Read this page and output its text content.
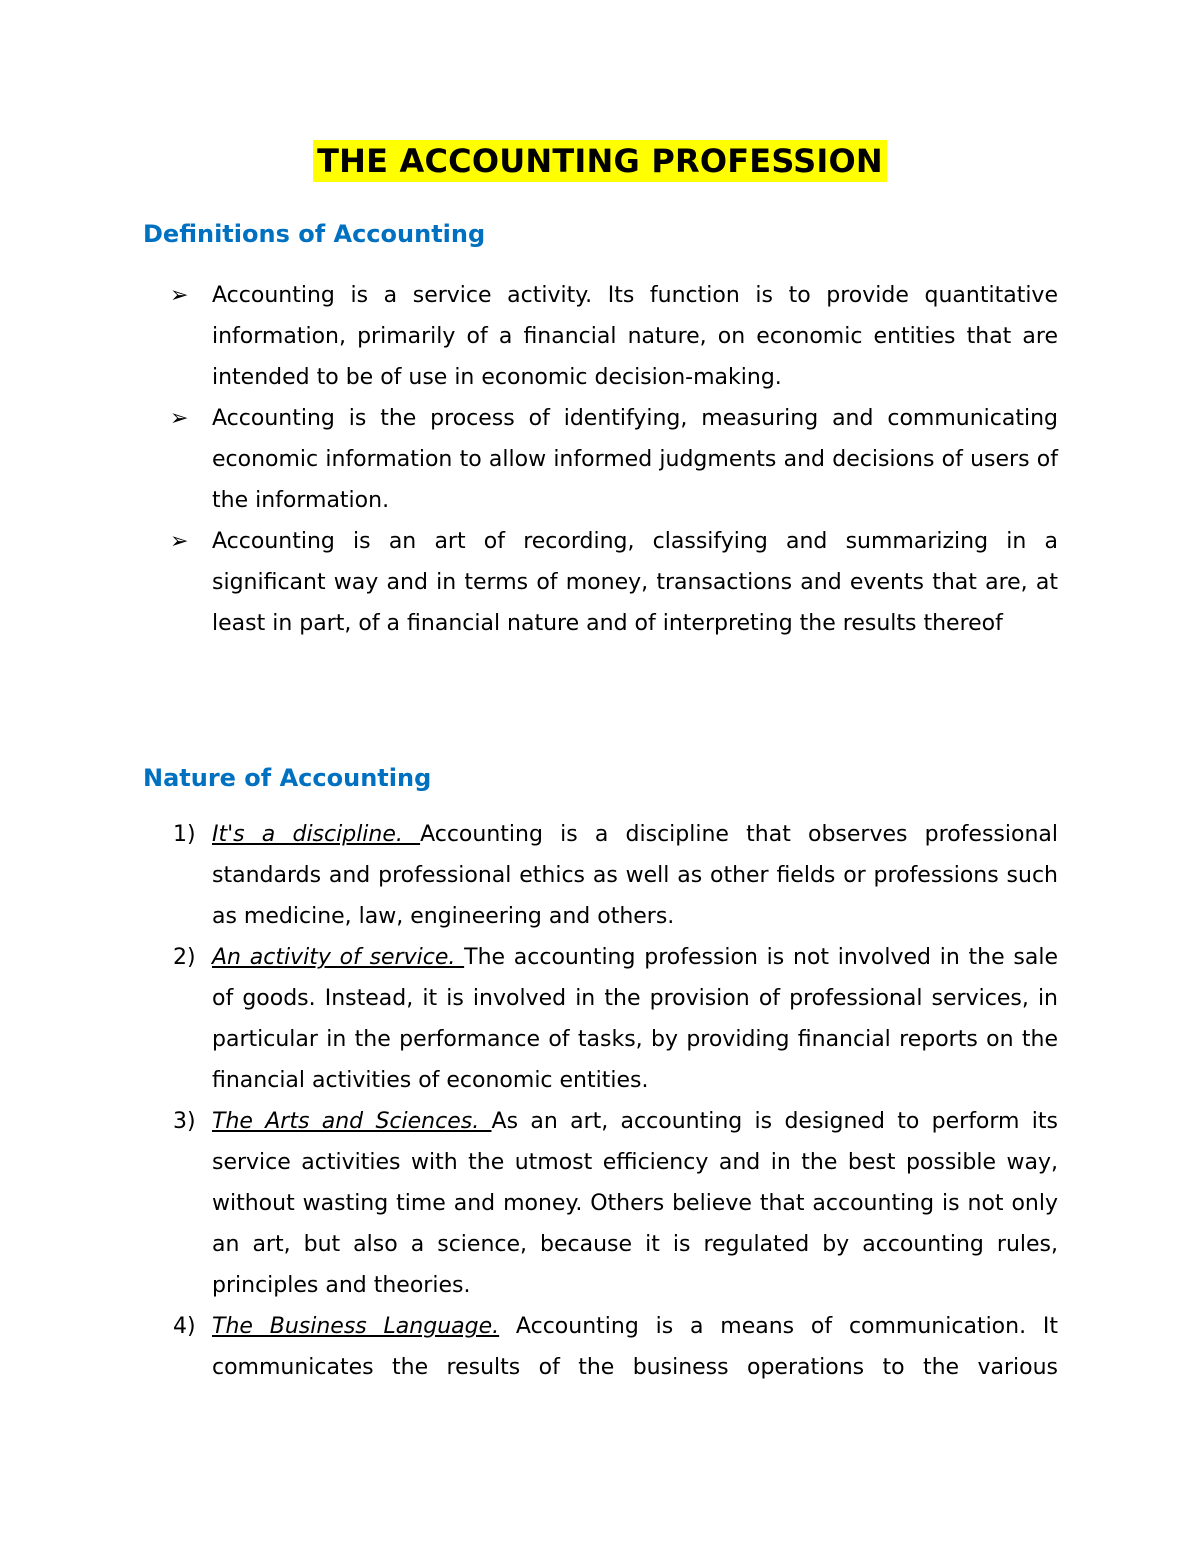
THE ACCOUNTING PROFESSION
Definitions of Accounting
➢ Accounting is a service activity. Its function is to provide quantitative information, primarily of a financial nature, on economic entities that are intended to be of use in economic decision-making.
➢ Accounting is the process of identifying, measuring and communicating economic information to allow informed judgments and decisions of users of the information.
➢ Accounting is an art of recording, classifying and summarizing in a significant way and in terms of money, transactions and events that are, at least in part, of a financial nature and of interpreting the results thereof
Nature of Accounting
1) It's a discipline. Accounting is a discipline that observes professional standards and professional ethics as well as other fields or professions such as medicine, law, engineering and others.
2) An activity of service. The accounting profession is not involved in the sale of goods. Instead, it is involved in the provision of professional services, in particular in the performance of tasks, by providing financial reports on the financial activities of economic entities.
3) The Arts and Sciences. As an art, accounting is designed to perform its service activities with the utmost efficiency and in the best possible way, without wasting time and money. Others believe that accounting is not only an art, but also a science, because it is regulated by accounting rules, principles and theories.
4) The Business Language. Accounting is a means of communication. It communicates the results of the business operations to the various
